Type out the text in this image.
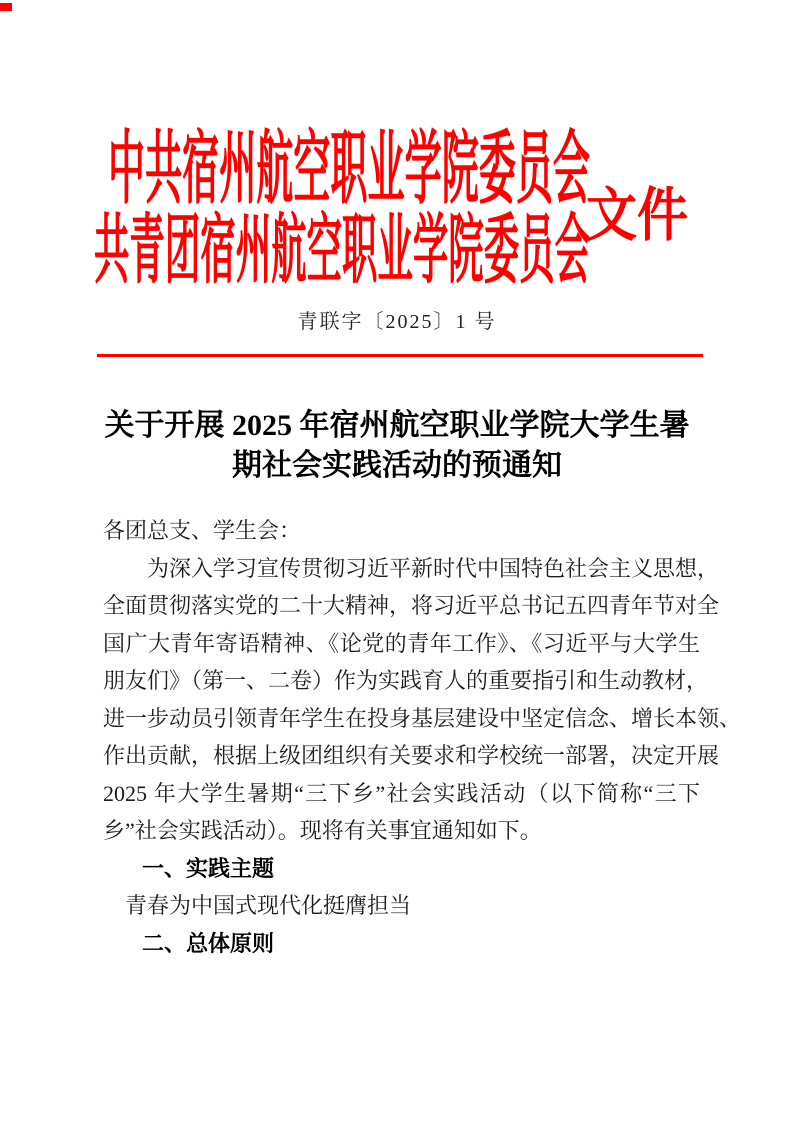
中共宿州航空职业学院委员会
共青团宿州航空职业学院委员会
文件
青联字〔2025〕1 号
关于开展 2025 年宿州航空职业学院大学生暑
期社会实践活动的预通知
各团总支、学生会：
为深入学习宣传贯彻习近平新时代中国特色社会主义思想，
全面贯彻落实党的二十大精神，将习近平总书记五四青年节对全
国广大青年寄语精神、《论党的青年工作》、《习近平与大学生
朋友们》（第一、二卷）作为实践育人的重要指引和生动教材，
进一步动员引领青年学生在投身基层建设中坚定信念、增长本领、
作出贡献，根据上级团组织有关要求和学校统一部署，决定开展
2025 年大学生暑期“三下乡”社会实践活动（以下简称“三下
乡”社会实践活动）。现将有关事宜通知如下。
一、实践主题
青春为中国式现代化挺膺担当
二、总体原则
